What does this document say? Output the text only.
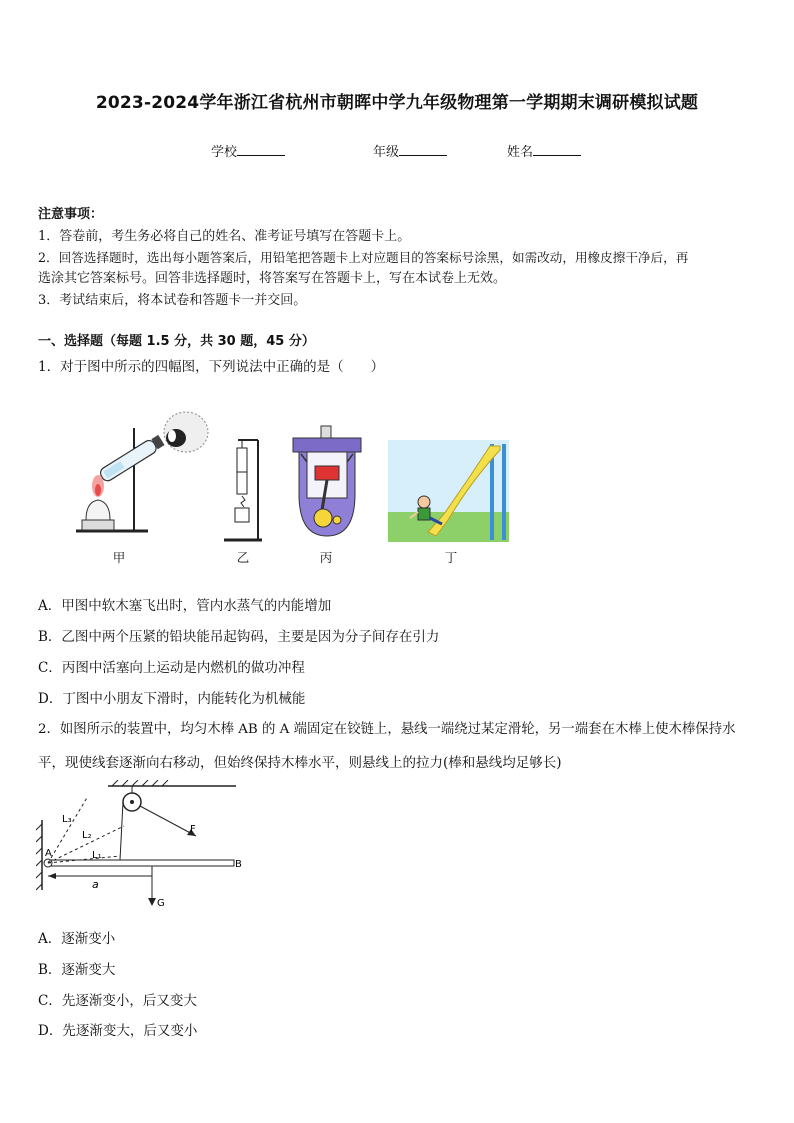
2023-2024学年浙江省杭州市朝晖中学九年级物理第一学期期末调研模拟试题
学校	年级	姓名
注意事项：
1．答卷前，考生务必将自己的姓名、准考证号填写在答题卡上。
2．回答选择题时，选出每小题答案后，用铅笔把答题卡上对应题目的答案标号涂黑，如需改动，用橡皮擦干净后，再
选涂其它答案标号。回答非选择题时，将答案写在答题卡上，写在本试卷上无效。
3．考试结束后，将本试卷和答题卡一并交回。
一、选择题（每题 1.5 分，共 30 题，45 分）
1．对于图中所示的四幅图，下列说法中正确的是（　　）
甲	乙	丙	丁
A．甲图中软木塞飞出时，管内水蒸气的内能增加
B．乙图中两个压紧的铅块能吊起钩码，主要是因为分子间存在引力
C．丙图中活塞向上运动是内燃机的做功冲程
D．丁图中小朋友下滑时，内能转化为机械能
2．如图所示的装置中，均匀木棒 AB 的 A 端固定在铰链上，悬线一端绕过某定滑轮，另一端套在木棒上使木棒保持水
平，现使线套逐渐向右移动，但始终保持木棒水平，则悬线上的拉力(棒和悬线均足够长)
L₃
L₂
L₁
A
B
a
F
G
A．逐渐变小
B．逐渐变大
C．先逐渐变小，后又变大
D．先逐渐变大，后又变小
